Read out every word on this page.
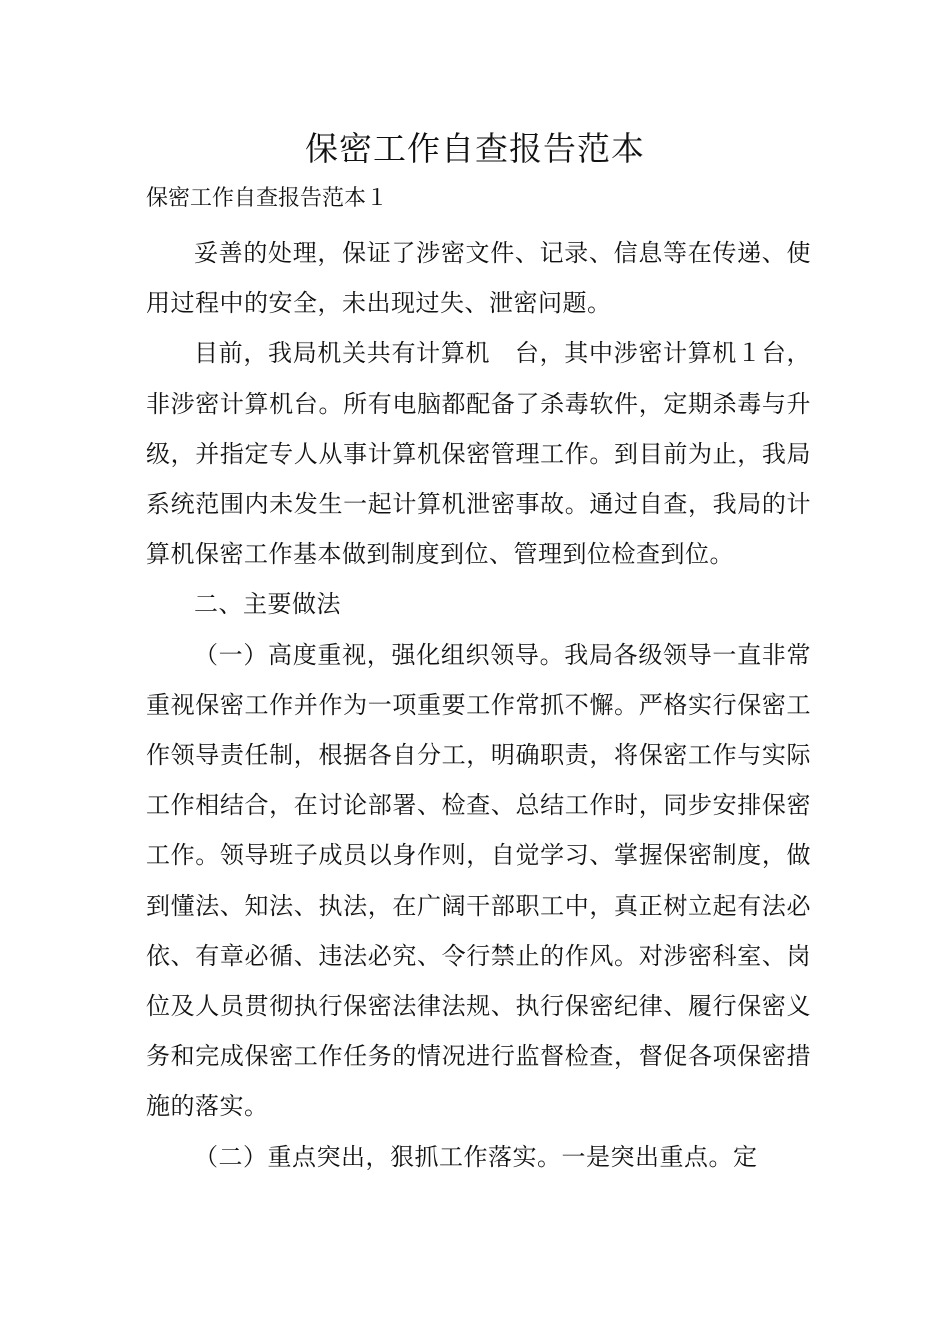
保密工作自查报告范本
保密工作自查报告范本１

妥善的处理，保证了涉密文件、记录、信息等在传递、使用过程中的安全，未出现过失、泄密问题。

目前，我局机关共有计算机　台，其中涉密计算机１台，非涉密计算机台。所有电脑都配备了杀毒软件，定期杀毒与升级，并指定专人从事计算机保密管理工作。到目前为止，我局系统范围内未发生一起计算机泄密事故。通过自查，我局的计算机保密工作基本做到制度到位、管理到位检查到位。

二、主要做法

（一）高度重视，强化组织领导。我局各级领导一直非常重视保密工作并作为一项重要工作常抓不懈。严格实行保密工作领导责任制，根据各自分工，明确职责，将保密工作与实际工作相结合，在讨论部署、检查、总结工作时，同步安排保密工作。领导班子成员以身作则，自觉学习、掌握保密制度，做到懂法、知法、执法，在广阔干部职工中，真正树立起有法必依、有章必循、违法必究、令行禁止的作风。对涉密科室、岗位及人员贯彻执行保密法律法规、执行保密纪律、履行保密义务和完成保密工作任务的情况进行监督检查，督促各项保密措施的落实。

（二）重点突出，狠抓工作落实。一是突出重点。定
